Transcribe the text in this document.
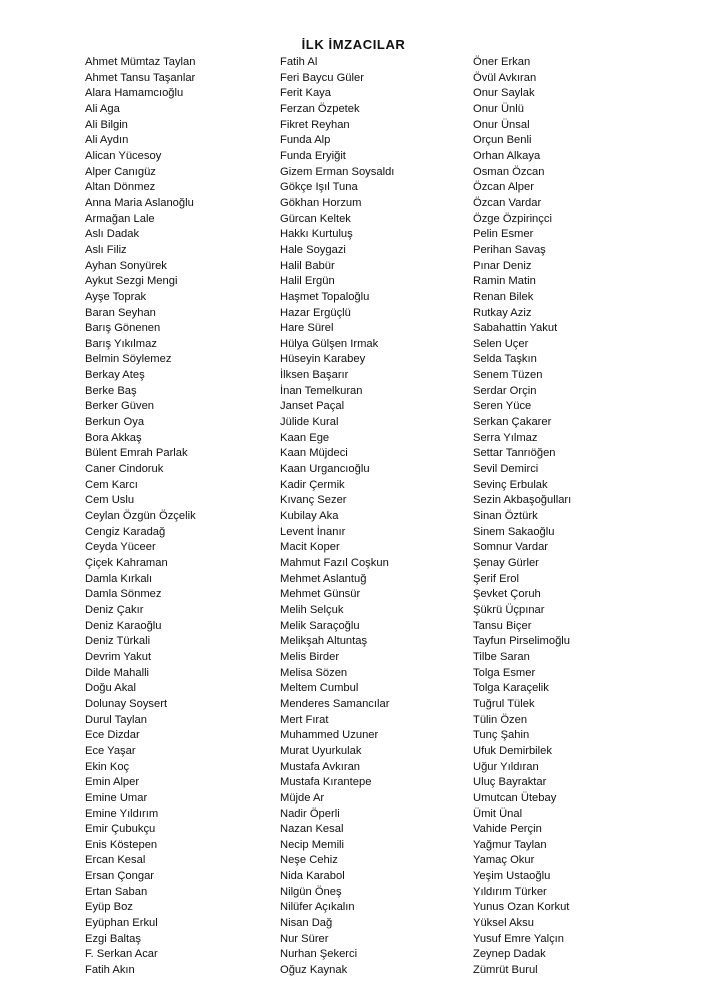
İLK İMZACILAR
Ahmet Mümtaz Taylan
Ahmet Tansu Taşanlar
Alara Hamamcıoğlu
Ali Aga
Ali Bilgin
Ali Aydın
Alican Yücesoy
Alper Canıgüz
Altan Dönmez
Anna Maria Aslanoğlu
Armağan Lale
Aslı Dadak
Aslı Filiz
Ayhan Sonyürek
Aykut Sezgi Mengi
Ayşe Toprak
Baran Seyhan
Barış Gönenen
Barış Yıkılmaz
Belmin Söylemez
Berkay Ateş
Berke Baş
Berker Güven
Berkun Oya
Bora Akkaş
Bülent Emrah Parlak
Caner Cindoruk
Cem Karcı
Cem Uslu
Ceylan Özgün Özçelik
Cengiz Karadağ
Ceyda Yüceer
Çiçek Kahraman
Damla Kırkalı
Damla Sönmez
Deniz Çakır
Deniz Karaoğlu
Deniz Türkali
Devrim Yakut
Dilde Mahalli
Doğu Akal
Dolunay Soysert
Durul Taylan
Ece Dizdar
Ece Yaşar
Ekin Koç
Emin Alper
Emine Umar
Emine Yıldırım
Emir Çubukçu
Enis Köstepen
Ercan Kesal
Ersan Çongar
Ertan Saban
Eyüp Boz
Eyüphan Erkul
Ezgi Baltaş
F. Serkan Acar
Fatih Akın
Fatih Al
Feri Baycu Güler
Ferit Kaya
Ferzan Özpetek
Fikret Reyhan
Funda Alp
Funda Eryiğit
Gizem Erman Soysaldı
Gökçe Işıl Tuna
Gökhan Horzum
Gürcan Keltek
Hakkı Kurtuluş
Hale Soygazi
Halil Babür
Halil Ergün
Haşmet Topaloğlu
Hazar Ergüçlü
Hare Sürel
Hülya Gülşen Irmak
Hüseyin Karabey
İlksen Başarır
İnan Temelkuran
Janset Paçal
Jülide Kural
Kaan Ege
Kaan Müjdeci
Kaan Urgancıoğlu
Kadir Çermik
Kıvanç Sezer
Kubilay Aka
Levent İnanır
Macit Koper
Mahmut Fazıl Coşkun
Mehmet Aslantuğ
Mehmet Günsür
Melih Selçuk
Melik Saraçoğlu
Melikşah Altuntaş
Melis Birder
Melisa Sözen
Meltem Cumbul
Menderes Samancılar
Mert Fırat
Muhammed Uzuner
Murat Uyurkulak
Mustafa Avkıran
Mustafa Kırantepe
Müjde Ar
Nadir Öperli
Nazan Kesal
Necip Memili
Neşe Cehiz
Nida Karabol
Nilgün Öneş
Nilüfer Açıkalın
Nisan Dağ
Nur Sürer
Nurhan Şekerci
Oğuz Kaynak
Öner Erkan
Övül Avkıran
Onur Saylak
Onur Ünlü
Onur Ünsal
Orçun Benli
Orhan Alkaya
Osman Özcan
Özcan Alper
Özcan Vardar
Özge Özpirinçci
Pelin Esmer
Perihan Savaş
Pınar Deniz
Ramin Matin
Renan Bilek
Rutkay Aziz
Sabahattin Yakut
Selen Uçer
Selda Taşkın
Senem Tüzen
Serdar Orçin
Seren Yüce
Serkan Çakarer
Serra Yılmaz
Settar Tanrıöğen
Sevil Demirci
Sevinç Erbulak
Sezin Akbaşoğulları
Sinan Öztürk
Sinem Sakaoğlu
Somnur Vardar
Şenay Gürler
Şerif Erol
Şevket Çoruh
Şükrü Üçpınar
Tansu Biçer
Tayfun Pirselimoğlu
Tilbe Saran
Tolga Esmer
Tolga Karaçelik
Tuğrul Tülek
Tülin Özen
Tunç Şahin
Ufuk Demirbilek
Uğur Yıldıran
Uluç Bayraktar
Umutcan Ütebay
Ümit Ünal
Vahide Perçin
Yağmur Taylan
Yamaç Okur
Yeşim Ustaoğlu
Yıldırım Türker
Yunus Ozan Korkut
Yüksel Aksu
Yusuf Emre Yalçın
Zeynep Dadak
Zümrüt Burul
